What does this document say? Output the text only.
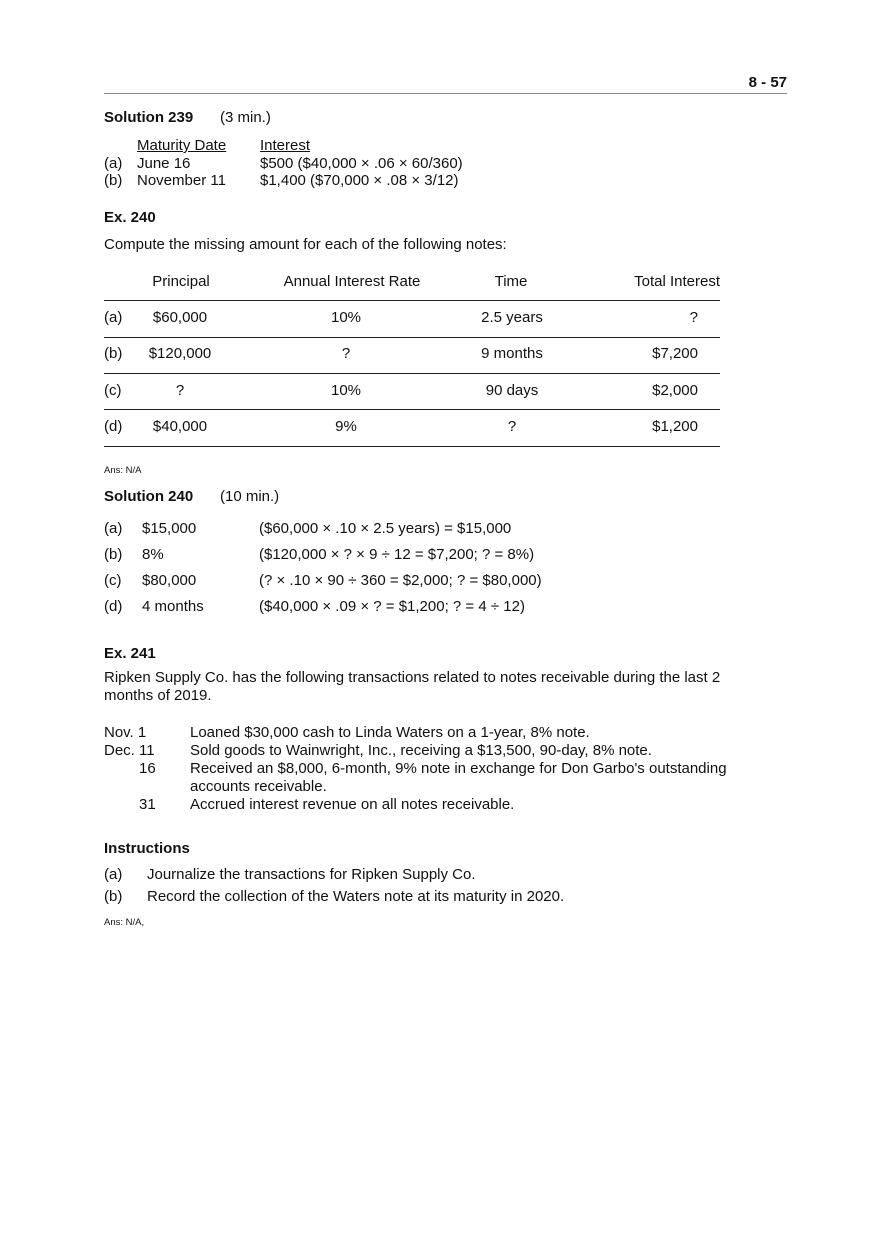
8 - 57
Solution 239 (3 min.)
Maturity Date Interest
(a) June 16	$500 ($40,000 × .06 × 60/360)
(b) November 11 $1,400 ($70,000 × .08 × 3/12)
Ex. 240
Compute the missing amount for each of the following notes:
Principal	Annual Interest Rate	Time	Total Interest
(a) $60,000	10%	2.5 years	?
(b) $120,000	?	9 months	$7,200
(c)	?	10%	90 days	$2,000
(d) $40,000	9%	?	$1,200
Ans: N/A
Solution 240 (10 min.)
(a) $15,000	($60,000 × .10 × 2.5 years) = $15,000
(b) 8%	($120,000 × ? × 9 ÷ 12 = $7,200; ? = 8%)
(c) $80,000	(? × .10 × 90 ÷ 360 = $2,000; ? = $80,000)
(d) 4 months	($40,000 × .09 × ? = $1,200; ? = 4 ÷ 12)
Ex. 241
Ripken Supply Co. has the following transactions related to notes receivable during the last 2
months of 2019.
Nov. 1	Loaned $30,000 cash to Linda Waters on a 1-year, 8% note.
Dec. 11 Sold goods to Wainwright, Inc., receiving a $13,500, 90-day, 8% note.
16 Received an $8,000, 6-month, 9% note in exchange for Don Garbo's outstanding
accounts receivable.
31 Accrued interest revenue on all notes receivable.
Instructions
(a) Journalize the transactions for Ripken Supply Co.
(b) Record the collection of the Waters note at its maturity in 2020.
Ans: N/A,
